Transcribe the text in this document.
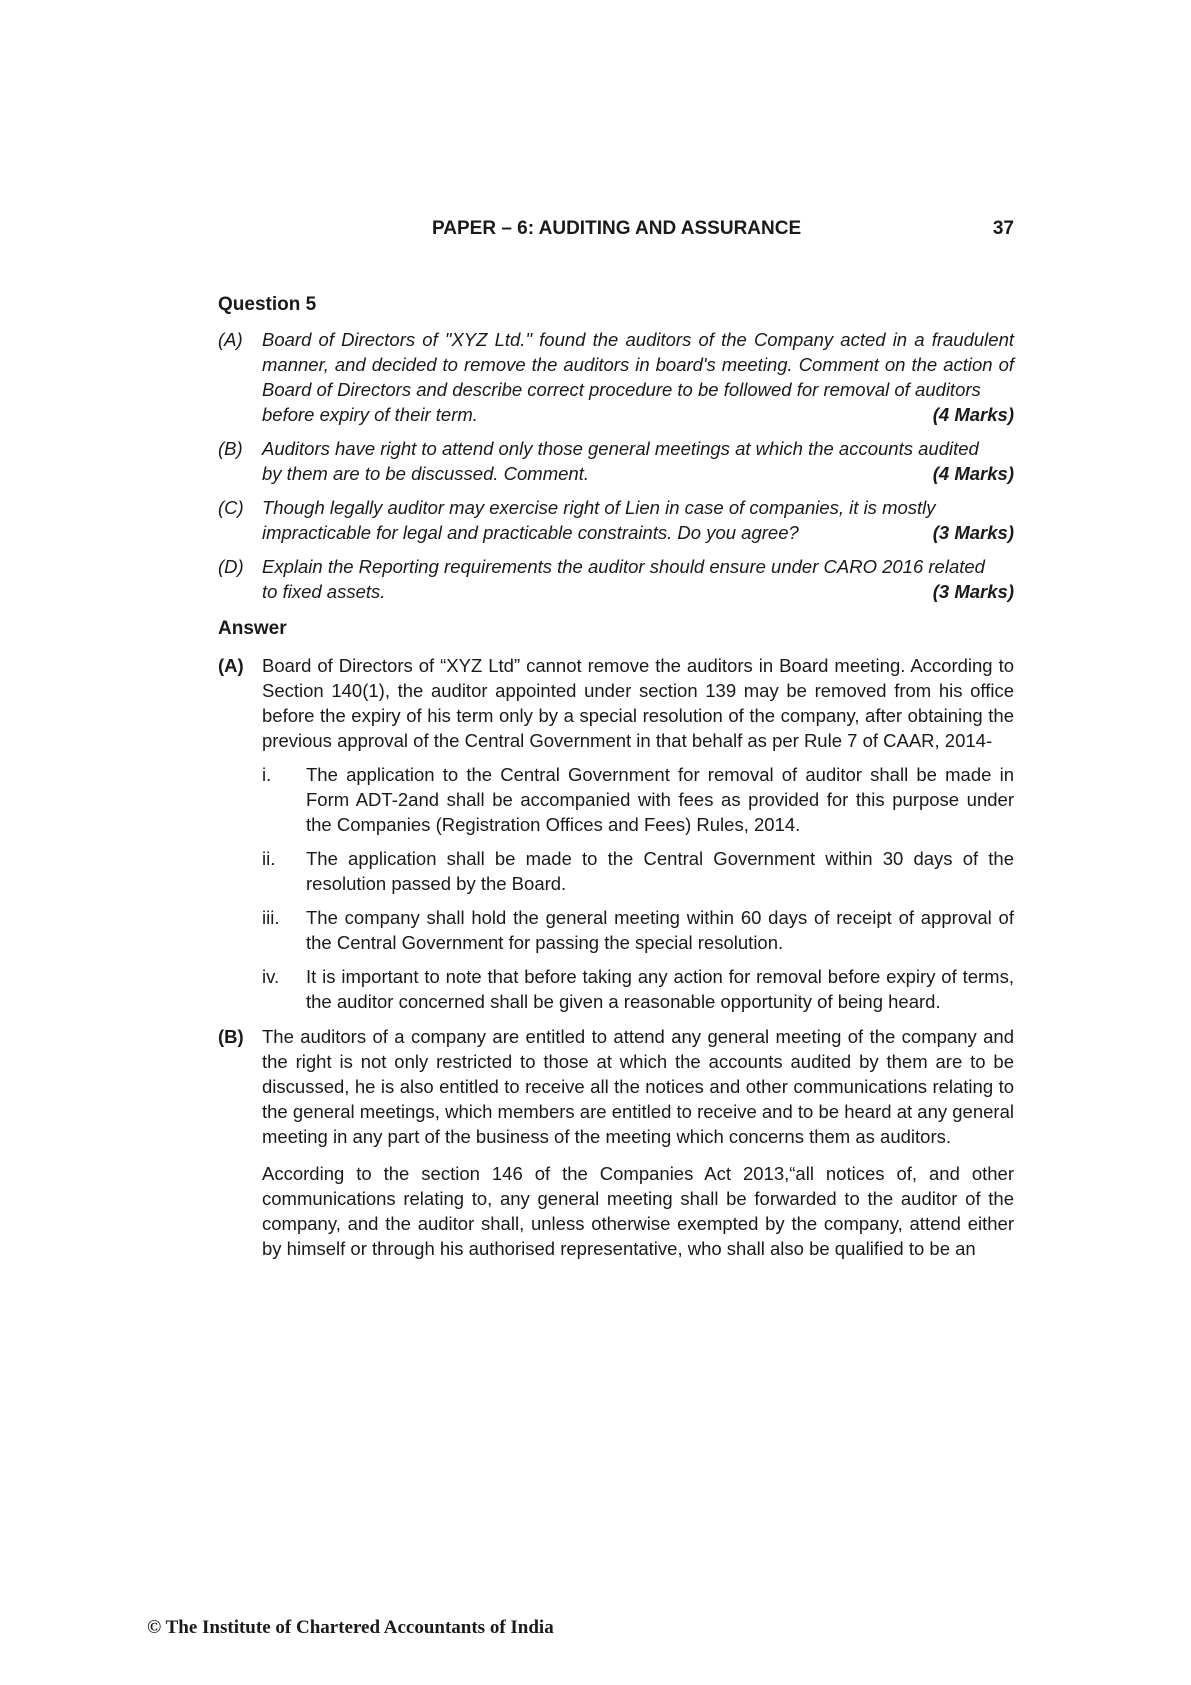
PAPER – 6: AUDITING AND ASSURANCE	37
Question 5
(A)	Board of Directors of "XYZ Ltd." found the auditors of the Company acted in a fraudulent manner, and decided to remove the auditors in board's meeting. Comment on the action of Board of Directors and describe correct procedure to be followed for removal of auditors
before expiry of their term.	(4 Marks)
(B)	Auditors have right to attend only those general meetings at which the accounts audited
by them are to be discussed. Comment.	(4 Marks)
(C) Though legally auditor may exercise right of Lien in case of companies, it is mostly
impracticable for legal and practicable constraints. Do you agree?	(3 Marks)
(D) Explain the Reporting requirements the auditor should ensure under CARO 2016 related
to fixed assets.	(3 Marks)
Answer
(A) Board of Directors of “XYZ Ltd” cannot remove the auditors in Board meeting. According to Section 140(1), the auditor appointed under section 139 may be removed from his office before the expiry of his term only by a special resolution of the company, after obtaining the previous approval of the Central Government in that behalf as per Rule 7 of CAAR, 2014-
i.	The application to the Central Government for removal of auditor shall be made in Form ADT-2and shall be accompanied with fees as provided for this purpose under the Companies (Registration Offices and Fees) Rules, 2014.
ii.	The application shall be made to the Central Government within 30 days of the resolution passed by the Board.
iii.	The company shall hold the general meeting within 60 days of receipt of approval of the Central Government for passing the special resolution.
iv.	It is important to note that before taking any action for removal before expiry of terms, the auditor concerned shall be given a reasonable opportunity of being heard.
(B) The auditors of a company are entitled to attend any general meeting of the company and the right is not only restricted to those at which the accounts audited by them are to be discussed, he is also entitled to receive all the notices and other communications relating to the general meetings, which members are entitled to receive and to be heard at any general meeting in any part of the business of the meeting which concerns them as auditors.
According to the section 146 of the Companies Act 2013,“all notices of, and other communications relating to, any general meeting shall be forwarded to the auditor of the company, and the auditor shall, unless otherwise exempted by the company, attend either by himself or through his authorised representative, who shall also be qualified to be an
© The Institute of Chartered Accountants of India
